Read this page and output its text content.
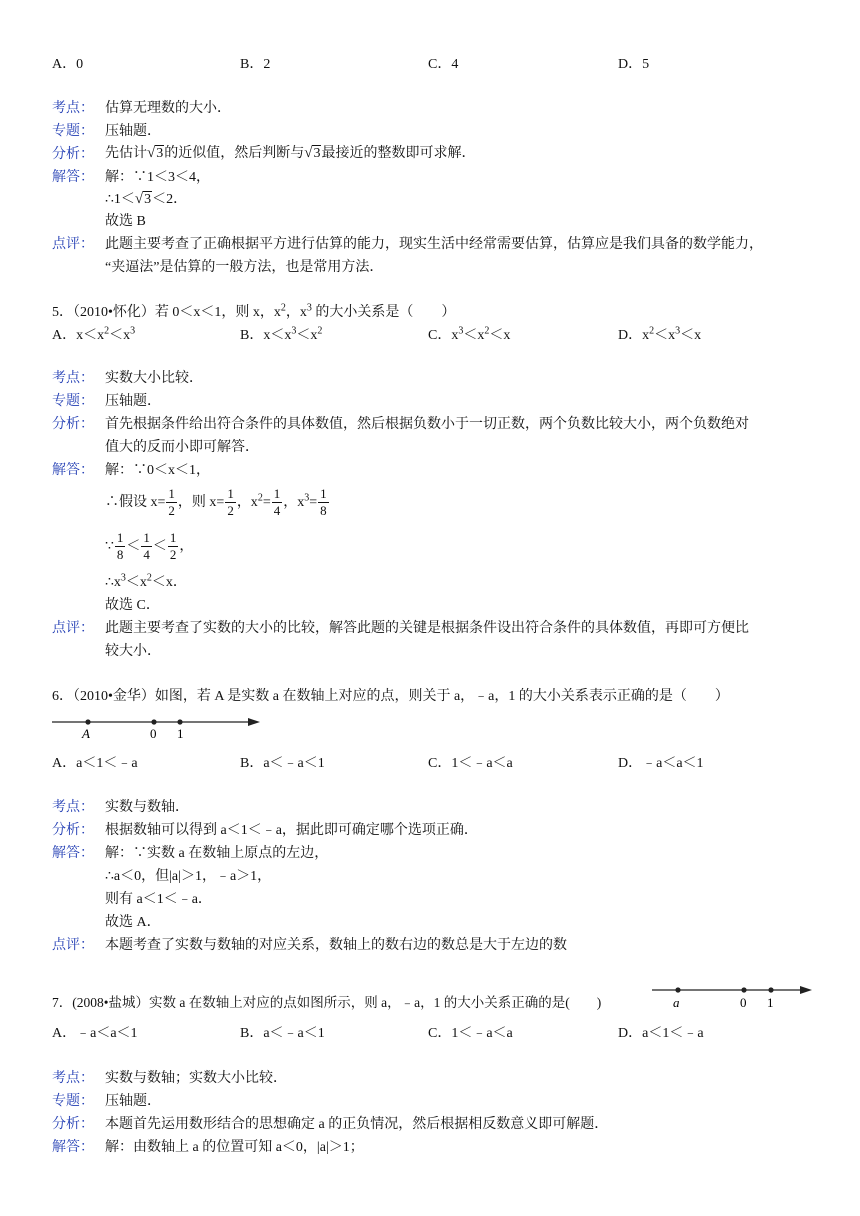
A．0	B．2	C．4	D．5
考点： 估算无理数的大小．
专题： 压轴题．
分析： 先估计√3的近似值，然后判断与√3最接近的整数即可求解．
解答： 解：∵1＜3＜4，
∴1＜√3＜2．
故选 B
点评： 此题主要考查了正确根据平方进行估算的能力，现实生活中经常需要估算，估算应是我们具备的数学能力，
“夹逼法”是估算的一般方法，也是常用方法．
5．（2010•怀化）若 0＜x＜1，则 x，$x^2$，$x^3$ 的大小关系是（　　）
A．$x<x^2<x^3$	B．$x<x^3<x^2$	C．$x^3<x^2<x$	D．$x^2<x^3<x$
考点： 实数大小比较．
专题： 压轴题．
分析： 首先根据条件给出符合条件的具体数值，然后根据负数小于一切正数，两个负数比较大小，两个负数绝对
值大的反而小即可解答．
解答： 解：∵0＜x＜1，
∴假设 $x= \frac{1}{2}$ ，则 $x= \frac{1}{2}$ ，$x^2= \frac{1}{4}$ ，$x^3= \frac{1}{8}$
∵ $\frac{1}{8} < \frac{1}{4} < \frac{1}{2}$ ，
$\therefore x^3<x^2<x$．
故选 C．
点评： 此题主要考查了实数的大小的比较，解答此题的关键是根据条件设出符合条件的具体数值，再即可方便比
较大小．
6．（2010•金华）如图，若 A 是实数 a 在数轴上对应的点，则关于 a，﹣a，1 的大小关系表示正确的是（　　）
A	0 1
A．a＜1＜﹣a	B．a＜﹣a＜1	C．1＜﹣a＜a	D．﹣a＜a＜1
考点： 实数与数轴．
分析： 根据数轴可以得到 a＜1＜﹣a，据此即可确定哪个选项正确．
解答： 解：∵实数 a 在数轴上原点的左边，
∴a＜0，但|a|＞1，﹣a＞1，
则有 a＜1＜﹣a．
故选 A．
点评： 本题考查了实数与数轴的对应关系，数轴上的数右边的数总是大于左边的数
7．(2008•盐城）实数 a 在数轴上对应的点如图所示，则 a，﹣a，1 的大小关系正确的是(　　)	a	0 1
A．﹣a＜a＜1	B．a＜﹣a＜1	C．1＜﹣a＜a	D．a＜1＜﹣a
考点： 实数与数轴；实数大小比较．
专题： 压轴题．
分析： 本题首先运用数形结合的思想确定 a 的正负情况，然后根据相反数意义即可解题．
解答： 解：由数轴上 a 的位置可知 a＜0，|a|＞1；
